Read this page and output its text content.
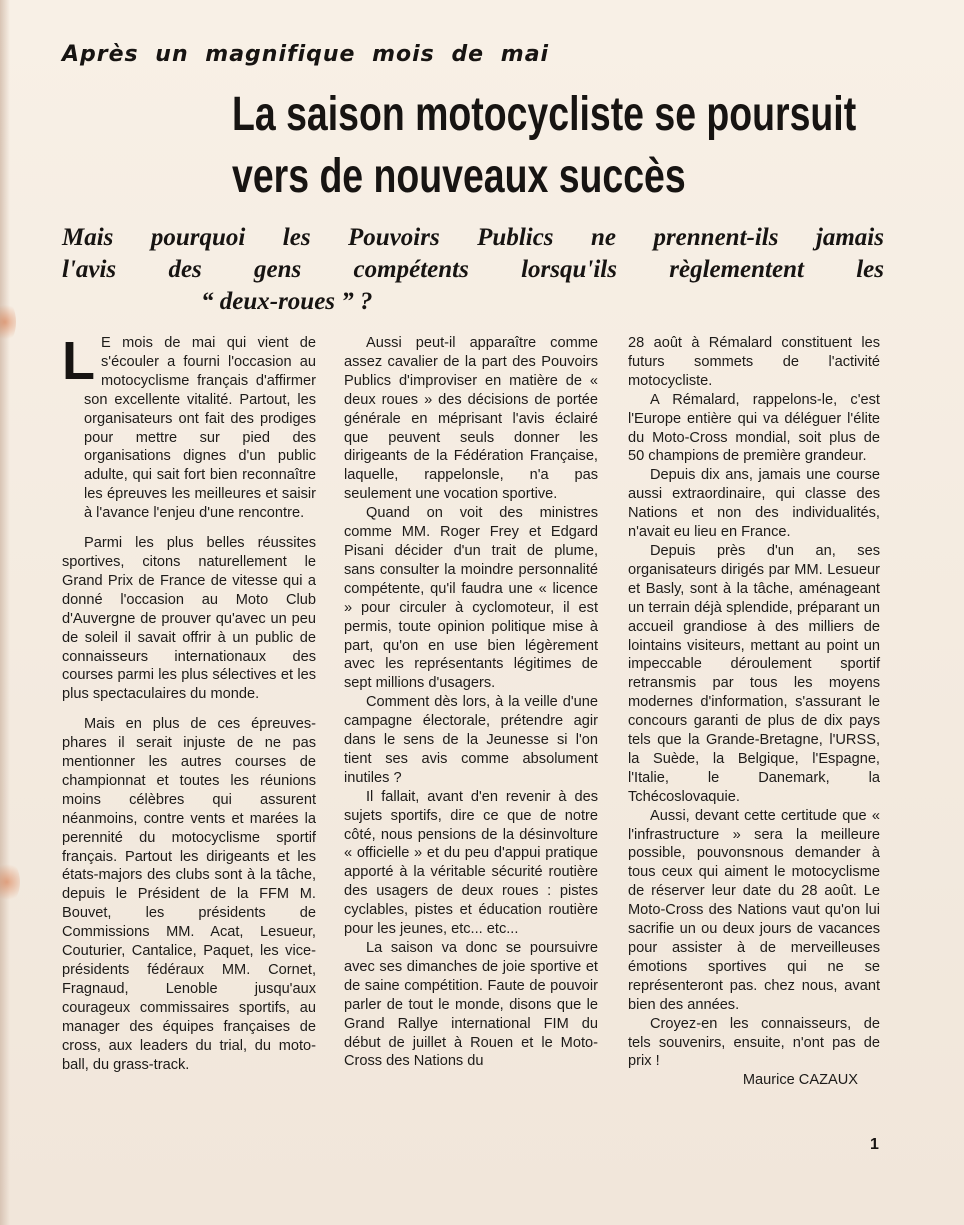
Après un magnifique mois de mai
La saison motocycliste se poursuit
vers de nouveaux succès
Mais pourquoi les Pouvoirs Publics ne prennent-ils jamais
l'avis des gens compétents lorsqu'ils règlementent les
“ deux-roues ” ?

L E mois de mai qui vient de s'écouler a fourni l'occasion au motocyclisme français d'affirmer son excellente vitalité. Partout, les organisateurs ont fait des prodiges pour mettre sur pied des organisations dignes d'un public adulte, qui sait fort bien reconnaître les épreuves les meilleures et saisir à l'avance l'enjeu d'une rencontre.

Parmi les plus belles réussites sportives, citons naturellement le Grand Prix de France de vitesse qui a donné l'occasion au Moto Club d'Auvergne de prouver qu'avec un peu de soleil il savait offrir à un public de connaisseurs internationaux des courses parmi les plus sélectives et les plus spectaculaires du monde.

Mais en plus de ces épreuves-phares il serait injuste de ne pas mentionner les autres courses de championnat et toutes les réunions moins célèbres qui assurent néanmoins, contre vents et marées la perennité du motocyclisme sportif français. Partout les dirigeants et les états-majors des clubs sont à la tâche, depuis le Président de la FFM M. Bouvet, les présidents de Commissions MM. Acat, Lesueur, Couturier, Cantalice, Paquet, les vice-présidents fédéraux MM. Cornet, Fragnaud, Lenoble jusqu'aux courageux commissaires sportifs, au manager des équipes françaises de cross, aux leaders du trial, du moto-ball, du grass-track.

Aussi peut-il apparaître comme assez cavalier de la part des Pouvoirs Publics d'improviser en matière de « deux roues » des décisions de portée générale en méprisant l'avis éclairé que peuvent seuls donner les dirigeants de la Fédération Française, laquelle, rappelonsle, n'a pas seulement une vocation sportive.

Quand on voit des ministres comme MM. Roger Frey et Edgard Pisani décider d'un trait de plume, sans consulter la moindre personnalité compétente, qu'il faudra une « licence » pour circuler à cyclomoteur, il est permis, toute opinion politique mise à part, qu'on en use bien légèrement avec les représentants légitimes de sept millions d'usagers.

Comment dès lors, à la veille d'une campagne électorale, prétendre agir dans le sens de la Jeunesse si l'on tient ses avis comme absolument inutiles ?

Il fallait, avant d'en revenir à des sujets sportifs, dire ce que de notre côté, nous pensions de la désinvolture « officielle » et du peu d'appui pratique apporté à la véritable sécurité routière des usagers de deux roues : pistes cyclables, pistes et éducation routière pour les jeunes, etc... etc...

La saison va donc se poursuivre avec ses dimanches de joie sportive et de saine compétition. Faute de pouvoir parler de tout le monde, disons que le Grand Rallye international FIM du début de juillet à Rouen et le Moto-Cross des Nations du

28 août à Rémalard constituent les futurs sommets de l'activité motocycliste.

A Rémalard, rappelons-le, c'est l'Europe entière qui va déléguer l'élite du Moto-Cross mondial, soit plus de 50 champions de première grandeur.

Depuis dix ans, jamais une course aussi extraordinaire, qui classe des Nations et non des individualités, n'avait eu lieu en France.

Depuis près d'un an, ses organisateurs dirigés par MM. Lesueur et Basly, sont à la tâche, aménageant un terrain déjà splendide, préparant un accueil grandiose à des milliers de lointains visiteurs, mettant au point un impeccable déroulement sportif retransmis par tous les moyens modernes d'information, s'assurant le concours garanti de plus de dix pays tels que la Grande-Bretagne, l'URSS, la Suède, la Belgique, l'Espagne, l'Italie, le Danemark, la Tchécoslovaquie.

Aussi, devant cette certitude que « l'infrastructure » sera la meilleure possible, pouvonsnous demander à tous ceux qui aiment le motocyclisme de réserver leur date du 28 août. Le Moto-Cross des Nations vaut qu'on lui sacrifie un ou deux jours de vacances pour assister à de merveilleuses émotions sportives qui ne se représenteront pas. chez nous, avant bien des années.

Croyez-en les connaisseurs, de tels souvenirs, ensuite, n'ont pas de prix !

Maurice CAZAUX

1
